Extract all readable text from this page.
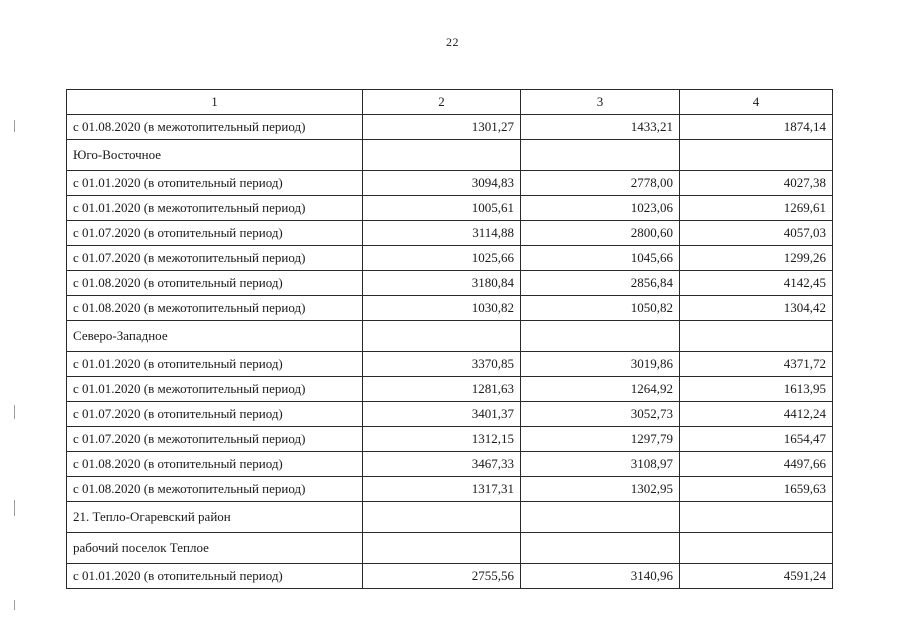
22
1	2	3	4
с 01.08.2020 (в межотопительный период)	1301,27	1433,21	1874,14
Юго-Восточное			
с 01.01.2020 (в отопительный период)	3094,83	2778,00	4027,38
с 01.01.2020 (в межотопительный период)	1005,61	1023,06	1269,61
с 01.07.2020 (в отопительный период)	3114,88	2800,60	4057,03
с 01.07.2020 (в межотопительный период)	1025,66	1045,66	1299,26
с 01.08.2020 (в отопительный период)	3180,84	2856,84	4142,45
с 01.08.2020 (в межотопительный период)	1030,82	1050,82	1304,42
Северо-Западное			
с 01.01.2020 (в отопительный период)	3370,85	3019,86	4371,72
с 01.01.2020 (в межотопительный период)	1281,63	1264,92	1613,95
с 01.07.2020 (в отопительный период)	3401,37	3052,73	4412,24
с 01.07.2020 (в межотопительный период)	1312,15	1297,79	1654,47
с 01.08.2020 (в отопительный период)	3467,33	3108,97	4497,66
с 01.08.2020 (в межотопительный период)	1317,31	1302,95	1659,63
21. Тепло-Огаревский район			
рабочий поселок Теплое			
с 01.01.2020 (в отопительный период)	2755,56	3140,96	4591,24
